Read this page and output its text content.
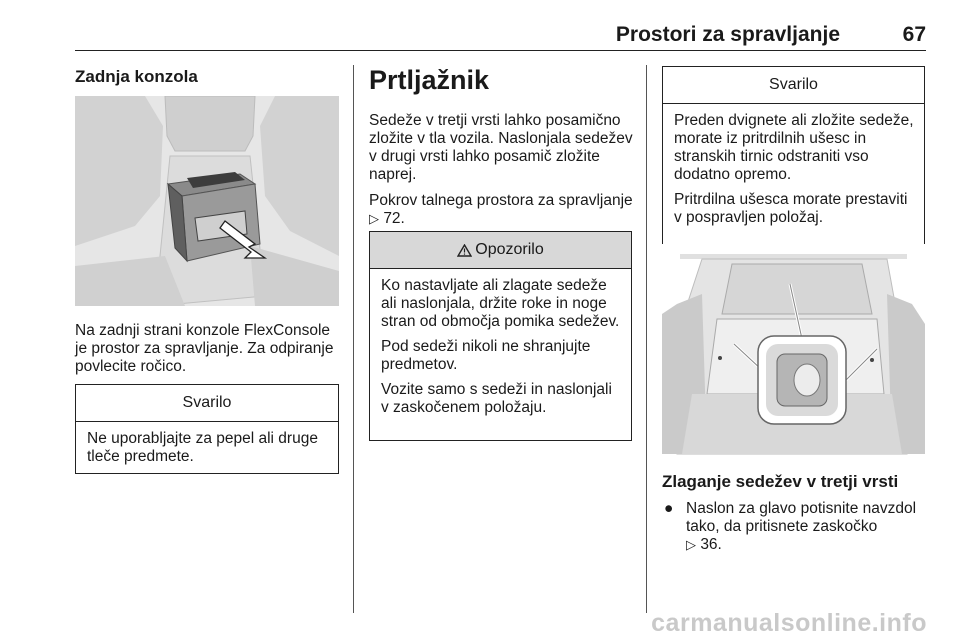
Prostori za spravljanje	67
Zadnja konzola
Na zadnji strani konzole FlexConsole je prostor za spravljanje. Za odpiranje povlecite ročico.
Svarilo
Ne uporabljajte za pepel ali druge tleče predmete.
Prtljažnik

Sedeže v tretji vrsti lahko posamično zložite v tla vozila. Naslonjala sedežev v drugi vrsti lahko posamič zložite naprej.

Pokrov talnega prostora za spravljanje ▷ 72.

Opozorilo

Ko nastavljate ali zlagate sedeže ali naslonjala, držite roke in noge stran od območja pomika sedežev.

Pod sedeži nikoli ne shranjujte predmetov.

Vozite samo s sedeži in naslonjali v zaskočenem položaju.

Svarilo

Preden dvignete ali zložite sedeže, morate iz pritrdilnih ušesc in stranskih tirnic odstraniti vso dodatno opremo.

Pritrdilna ušesca morate prestaviti v pospravljen položaj.

Zlaganje sedežev v tretji vrsti
● Naslon za glavo potisnite navzdol tako, da pritisnete zaskočko
▷ 36.
carmanualsonline.info
